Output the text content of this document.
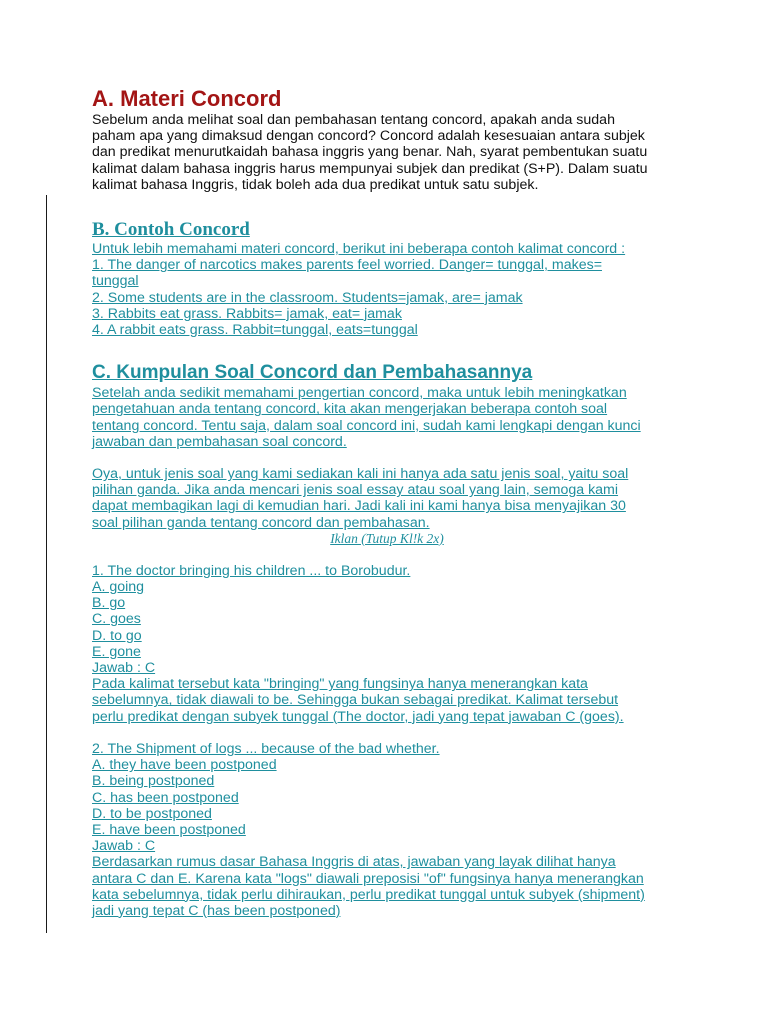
A. Materi Concord
Sebelum anda melihat soal dan pembahasan tentang concord, apakah anda sudah
paham apa yang dimaksud dengan concord? Concord adalah kesesuaian antara subjek
dan predikat menurutkaidah bahasa inggris yang benar. Nah, syarat pembentukan suatu
kalimat dalam bahasa inggris harus mempunyai subjek dan predikat (S+P). Dalam suatu
kalimat bahasa Inggris, tidak boleh ada dua predikat untuk satu subjek.
B. Contoh Concord
Untuk lebih memahami materi concord, berikut ini beberapa contoh kalimat concord :
1. The danger of narcotics makes parents feel worried. Danger= tunggal, makes=
tunggal
2. Some students are in the classroom. Students=jamak, are= jamak
3. Rabbits eat grass. Rabbits= jamak, eat= jamak
4. A rabbit eats grass. Rabbit=tunggal, eats=tunggal
C. Kumpulan Soal Concord dan Pembahasannya
Setelah anda sedikit memahami pengertian concord, maka untuk lebih meningkatkan
pengetahuan anda tentang concord, kita akan mengerjakan beberapa contoh soal
tentang concord. Tentu saja, dalam soal concord ini, sudah kami lengkapi dengan kunci
jawaban dan pembahasan soal concord.
Oya, untuk jenis soal yang kami sediakan kali ini hanya ada satu jenis soal, yaitu soal
pilihan ganda. Jika anda mencari jenis soal essay atau soal yang lain, semoga kami
dapat membagikan lagi di kemudian hari. Jadi kali ini kami hanya bisa menyajikan 30
soal pilihan ganda tentang concord dan pembahasan.

Iklan (Tutup Kl!k 2x)

1. The doctor bringing his children ... to Borobudur.
A. going
B. go
C. goes
D. to go
E. gone
Jawab : C
Pada kalimat tersebut kata "bringing" yang fungsinya hanya menerangkan kata
sebelumnya, tidak diawali to be. Sehingga bukan sebagai predikat. Kalimat tersebut
perlu predikat dengan subyek tunggal (The doctor, jadi yang tepat jawaban C (goes).
2. The Shipment of logs ... because of the bad whether.
A. they have been postponed
B. being postponed
C. has been postponed
D. to be postponed
E. have been postponed
Jawab : C
Berdasarkan rumus dasar Bahasa Inggris di atas, jawaban yang layak dilihat hanya
antara C dan E. Karena kata "logs" diawali preposisi "of" fungsinya hanya menerangkan
kata sebelumnya, tidak perlu dihiraukan, perlu predikat tunggal untuk subyek (shipment)
jadi yang tepat C (has been postponed)
